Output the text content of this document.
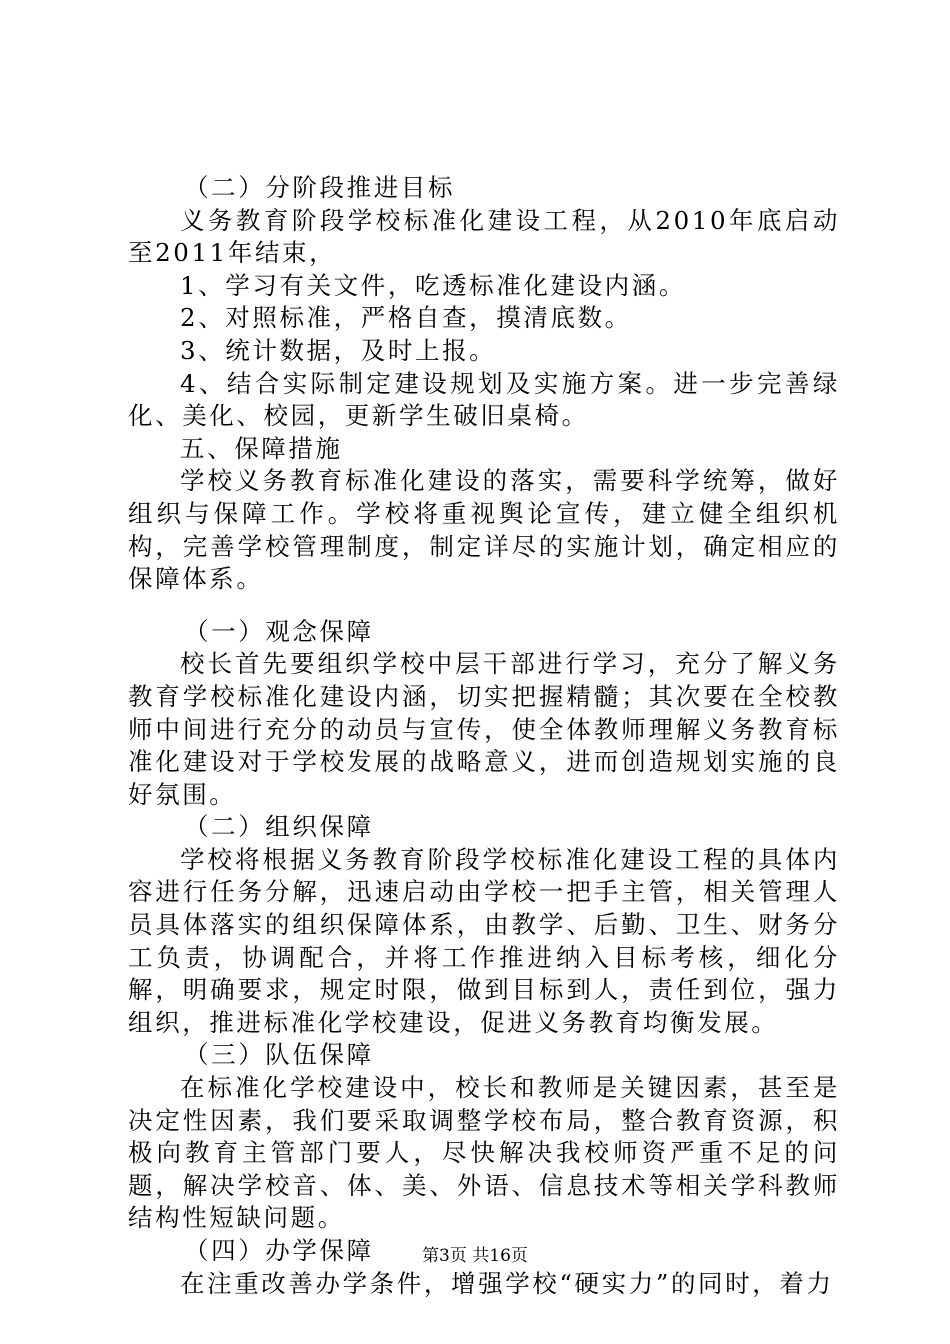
（二）分阶段推进目标

义务教育阶段学校标准化建设工程，从2010年底启动至2011年结束，

1、学习有关文件，吃透标准化建设内涵。

2、对照标准，严格自查，摸清底数。

3、统计数据，及时上报。

4、结合实际制定建设规划及实施方案。进一步完善绿化、美化、校园，更新学生破旧桌椅。

五、保障措施

学校义务教育标准化建设的落实，需要科学统筹，做好组织与保障工作。学校将重视舆论宣传，建立健全组织机构，完善学校管理制度，制定详尽的实施计划，确定相应的保障体系。

（一）观念保障

校长首先要组织学校中层干部进行学习，充分了解义务教育学校标准化建设内涵，切实把握精髓；其次要在全校教师中间进行充分的动员与宣传，使全体教师理解义务教育标准化建设对于学校发展的战略意义，进而创造规划实施的良好氛围。

（二）组织保障

学校将根据义务教育阶段学校标准化建设工程的具体内容进行任务分解，迅速启动由学校一把手主管，相关管理人员具体落实的组织保障体系，由教学、后勤、卫生、财务分工负责，协调配合，并将工作推进纳入目标考核，细化分解，明确要求，规定时限，做到目标到人，责任到位，强力组织，推进标准化学校建设，促进义务教育均衡发展。

（三）队伍保障

在标准化学校建设中，校长和教师是关键因素，甚至是决定性因素，我们要采取调整学校布局，整合教育资源，积极向教育主管部门要人，尽快解决我校师资严重不足的问题，解决学校音、体、美、外语、信息技术等相关学科教师结构性短缺问题。

（四）办学保障

在注重改善办学条件，增强学校“硬实力”的同时，着力

第3页 共16页
